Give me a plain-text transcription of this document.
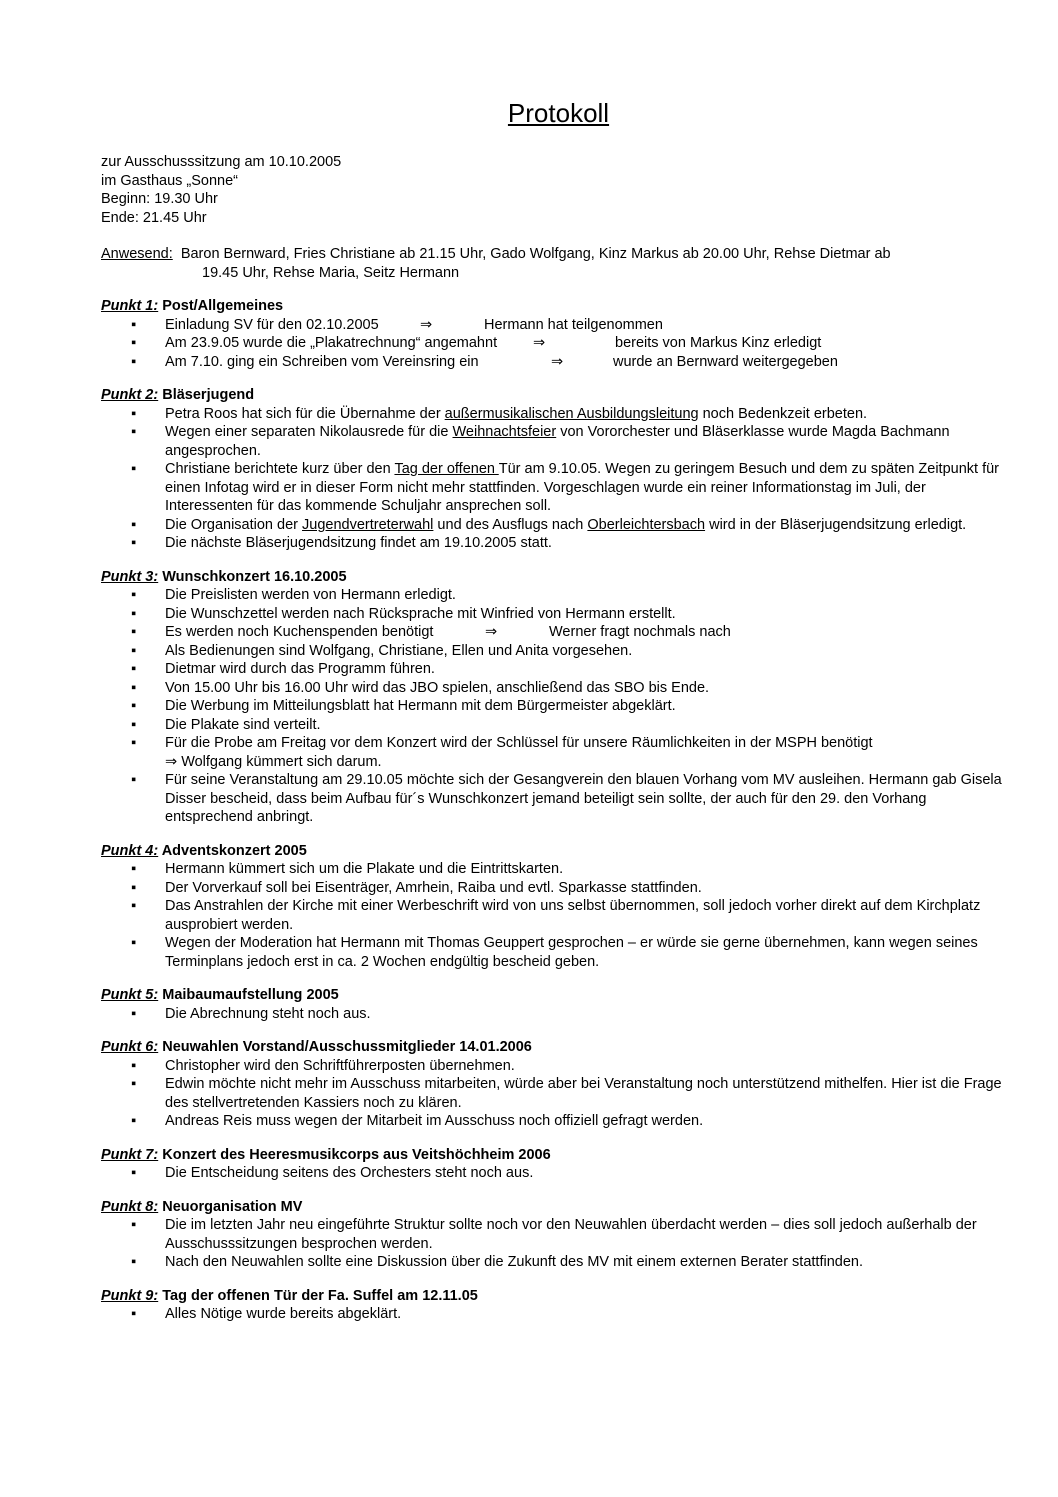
Protokoll
zur Ausschusssitzung am 10.10.2005
im Gasthaus „Sonne“
Beginn: 19.30 Uhr
Ende: 21.45 Uhr
Anwesend: Baron Bernward, Fries Christiane ab 21.15 Uhr, Gado Wolfgang, Kinz Markus ab 20.00 Uhr, Rehse Dietmar ab
19.45 Uhr, Rehse Maria, Seitz Hermann
Punkt 1: Post/Allgemeines
▪ Einladung SV für den 02.10.2005	⇒	Hermann hat teilgenommen
▪ Am 23.9.05 wurde die „Plakatrechnung“ angemahnt ⇒	bereits von Markus Kinz erledigt
▪ Am 7.10. ging ein Schreiben vom Vereinsring ein	⇒	wurde an Bernward weitergegeben
Punkt 2: Bläserjugend
▪ Petra Roos hat sich für die Übernahme der außermusikalischen Ausbildungsleitung noch Bedenkzeit erbeten.
▪ Wegen einer separaten Nikolausrede für die Weihnachtsfeier von Vororchester und Bläserklasse wurde Magda Bachmann angesprochen.
▪ Christiane berichtete kurz über den Tag der offenen Tür am 9.10.05. Wegen zu geringem Besuch und dem zu späten Zeitpunkt für einen Infotag wird er in dieser Form nicht mehr stattfinden. Vorgeschlagen wurde ein reiner Informationstag im Juli, der Interessenten für das kommende Schuljahr ansprechen soll.
▪ Die Organisation der Jugendvertreterwahl und des Ausflugs nach Oberleichtersbach wird in der Bläserjugendsitzung erledigt.
▪ Die nächste Bläserjugendsitzung findet am 19.10.2005 statt.
Punkt 3: Wunschkonzert 16.10.2005
▪ Die Preislisten werden von Hermann erledigt.
▪ Die Wunschzettel werden nach Rücksprache mit Winfried von Hermann erstellt.
▪ Es werden noch Kuchenspenden benötigt	⇒	Werner fragt nochmals nach
▪ Als Bedienungen sind Wolfgang, Christiane, Ellen und Anita vorgesehen.
▪ Dietmar wird durch das Programm führen.
▪ Von 15.00 Uhr bis 16.00 Uhr wird das JBO spielen, anschließend das SBO bis Ende.
▪ Die Werbung im Mitteilungsblatt hat Hermann mit dem Bürgermeister abgeklärt.
▪ Die Plakate sind verteilt.
▪ Für die Probe am Freitag vor dem Konzert wird der Schlüssel für unsere Räumlichkeiten in der MSPH benötigt
⇒ Wolfgang kümmert sich darum.
▪ Für seine Veranstaltung am 29.10.05 möchte sich der Gesangverein den blauen Vorhang vom MV ausleihen. Hermann gab Gisela Disser bescheid, dass beim Aufbau für´s Wunschkonzert jemand beteiligt sein sollte, der auch für den 29. den Vorhang entsprechend anbringt.
Punkt 4: Adventskonzert 2005
▪ Hermann kümmert sich um die Plakate und die Eintrittskarten.
▪ Der Vorverkauf soll bei Eisenträger, Amrhein, Raiba und evtl. Sparkasse stattfinden.
▪ Das Anstrahlen der Kirche mit einer Werbeschrift wird von uns selbst übernommen, soll jedoch vorher direkt auf dem Kirchplatz ausprobiert werden.
▪ Wegen der Moderation hat Hermann mit Thomas Geuppert gesprochen – er würde sie gerne übernehmen, kann wegen seines Terminplans jedoch erst in ca. 2 Wochen endgültig bescheid geben.
Punkt 5: Maibaumaufstellung 2005
▪ Die Abrechnung steht noch aus.
Punkt 6: Neuwahlen Vorstand/Ausschussmitglieder 14.01.2006
▪ Christopher wird den Schriftführerposten übernehmen.
▪ Edwin möchte nicht mehr im Ausschuss mitarbeiten, würde aber bei Veranstaltung noch unterstützend mithelfen. Hier ist die Frage des stellvertretenden Kassiers noch zu klären.
▪ Andreas Reis muss wegen der Mitarbeit im Ausschuss noch offiziell gefragt werden.
Punkt 7: Konzert des Heeresmusikcorps aus Veitshöchheim 2006
▪ Die Entscheidung seitens des Orchesters steht noch aus.
Punkt 8: Neuorganisation MV
▪ Die im letzten Jahr neu eingeführte Struktur sollte noch vor den Neuwahlen überdacht werden – dies soll jedoch außerhalb der Ausschusssitzungen besprochen werden.
▪ Nach den Neuwahlen sollte eine Diskussion über die Zukunft des MV mit einem externen Berater stattfinden.
Punkt 9: Tag der offenen Tür der Fa. Suffel am 12.11.05
▪ Alles Nötige wurde bereits abgeklärt.
